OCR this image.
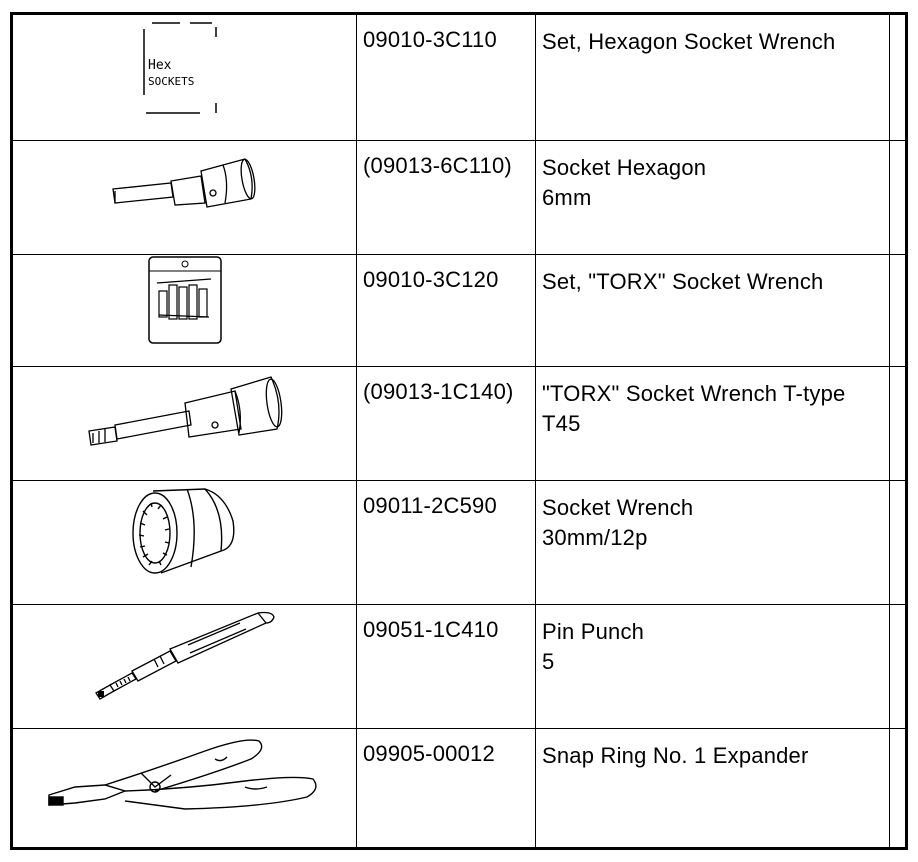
Hex
SOCKETS	09010-3C110	Set, Hexagon Socket Wrench	

(09013-6C110)	Socket Hexagon
6mm	

09010-3C120	Set, "TORX" Socket Wrench	

(09013-1C140)	"TORX" Socket Wrench T-type
T45	

09011-2C590	Socket Wrench
30mm/12p	

09051-1C410	Pin Punch
5	

09905-00012	Snap Ring No. 1 Expander	
